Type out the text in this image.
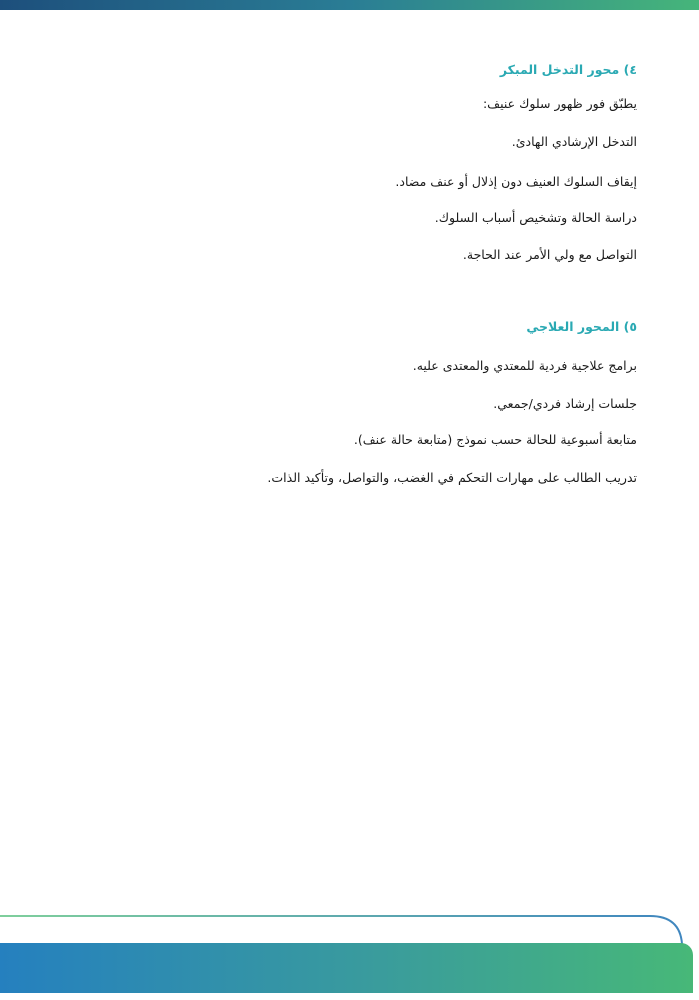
٤) محور التدخل المبكر
يطبّق فور ظهور سلوك عنيف:
التدخل الإرشادي الهادئ.
إيقاف السلوك العنيف دون إذلال أو عنف مضاد.
دراسة الحالة وتشخيص أسباب السلوك.
التواصل مع ولي الأمر عند الحاجة.
٥) المحور العلاجي
برامج علاجية فردية للمعتدي والمعتدى عليه.
جلسات إرشاد فردي/جمعي.
متابعة أسبوعية للحالة حسب نموذج (متابعة حالة عنف).
تدريب الطالب على مهارات التحكم في الغضب، والتواصل، وتأكيد الذات.
